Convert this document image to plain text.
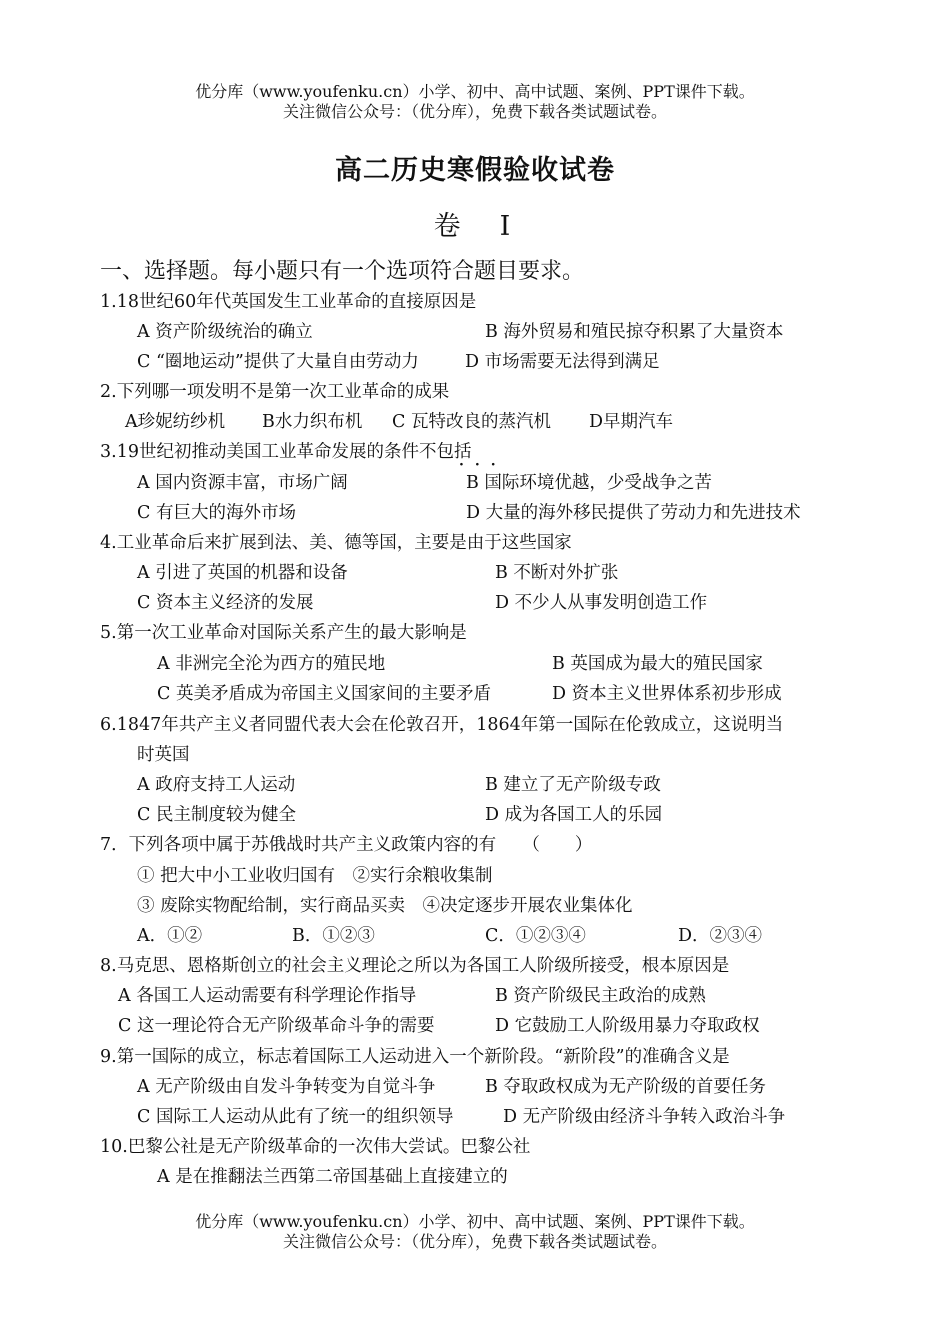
优分库（www.youfenku.cn）小学、初中、高中试题、案例、PPT课件下载。
关注微信公众号：（优分库），免费下载各类试题试卷。
高二历史寒假验收试卷
卷　I
一、选择题。每小题只有一个选项符合题目要求。
1.18世纪60年代英国发生工业革命的直接原因是
A 资产阶级统治的确立	B 海外贸易和殖民掠夺积累了大量资本
C “圈地运动”提供了大量自由劳动力	D 市场需要无法得到满足
2.下列哪一项发明不是第一次工业革命的成果
A珍妮纺纱机 B水力织布机 C 瓦特改良的蒸汽机 D早期汽车
3.19世纪初推动美国工业革命发展的条件不包括
···
A 国内资源丰富，市场广阔	B 国际环境优越，少受战争之苦
C 有巨大的海外市场	D 大量的海外移民提供了劳动力和先进技术
4.工业革命后来扩展到法、美、德等国，主要是由于这些国家
A 引进了英国的机器和设备	B 不断对外扩张
C 资本主义经济的发展	D 不少人从事发明创造工作
5.第一次工业革命对国际关系产生的最大影响是
A 非洲完全沦为西方的殖民地	B 英国成为最大的殖民国家
C 英美矛盾成为帝国主义国家间的主要矛盾	D 资本主义世界体系初步形成
6.1847年共产主义者同盟代表大会在伦敦召开，1864年第一国际在伦敦成立，这说明当
时英国
A 政府支持工人运动	B 建立了无产阶级专政
C 民主制度较为健全	D 成为各国工人的乐园
7．下列各项中属于苏俄战时共产主义政策内容的有　　（　　）
① 把大中小工业收归国有　②实行余粮收集制
③ 废除实物配给制，实行商品买卖　④决定逐步开展农业集体化
A．①②	B．①②③	C．①②③④	D．②③④
8.马克思、恩格斯创立的社会主义理论之所以为各国工人阶级所接受，根本原因是
A 各国工人运动需要有科学理论作指导	B 资产阶级民主政治的成熟
C 这一理论符合无产阶级革命斗争的需要	D 它鼓励工人阶级用暴力夺取政权
9.第一国际的成立，标志着国际工人运动进入一个新阶段。“新阶段”的准确含义是
A 无产阶级由自发斗争转变为自觉斗争	B 夺取政权成为无产阶级的首要任务
C 国际工人运动从此有了统一的组织领导	D 无产阶级由经济斗争转入政治斗争
10.巴黎公社是无产阶级革命的一次伟大尝试。巴黎公社
A 是在推翻法兰西第二帝国基础上直接建立的
优分库（www.youfenku.cn）小学、初中、高中试题、案例、PPT课件下载。
关注微信公众号：（优分库），免费下载各类试题试卷。
